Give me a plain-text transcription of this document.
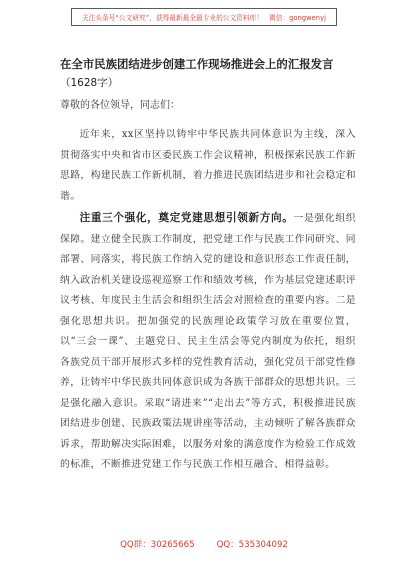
关注头条号“公文研究”，获得最新最全最专业的公文资料库！ 微信：gongwenyj
在全市民族团结进步创建工作现场推进会上的汇报发言
（1628字）
尊敬的各位领导，同志们：

近年来，xx区坚持以铸牢中华民族共同体意识为主线，深入贯彻落实中央和省市区委民族工作会议精神，积极探索民族工作新思路，构建民族工作新机制，着力推进民族团结进步和社会稳定和谐。

注重三个强化，奠定党建思想引领新方向。一是强化组织保障。建立健全民族工作制度，把党建工作与民族工作同研究、同部署、同落实，将民族工作纳入党的建设和意识形态工作责任制，纳入政治机关建设巡视巡察工作和绩效考核，作为基层党建述职评议考核、年度民主生活会和组织生活会对照检查的重要内容。二是强化思想共识。把加强党的民族理论政策学习放在重要位置，以“三会一课”、主题党日、民主生活会等党内制度为依托，组织各族党员干部开展形式多样的党性教育活动，强化党员干部党性修养，让铸牢中华民族共同体意识成为各族干部群众的思想共识。三是强化融入意识。采取“请进来”“走出去”等方式，积极推进民族团结进步创建、民族政策法规讲座等活动，主动倾听了解各族群众诉求，帮助解决实际困难，以服务对象的满意度作为检验工作成效的标准，不断推进党建工作与民族工作相互融合、相得益彰。

QQ群：30265665	QQ：535304092
